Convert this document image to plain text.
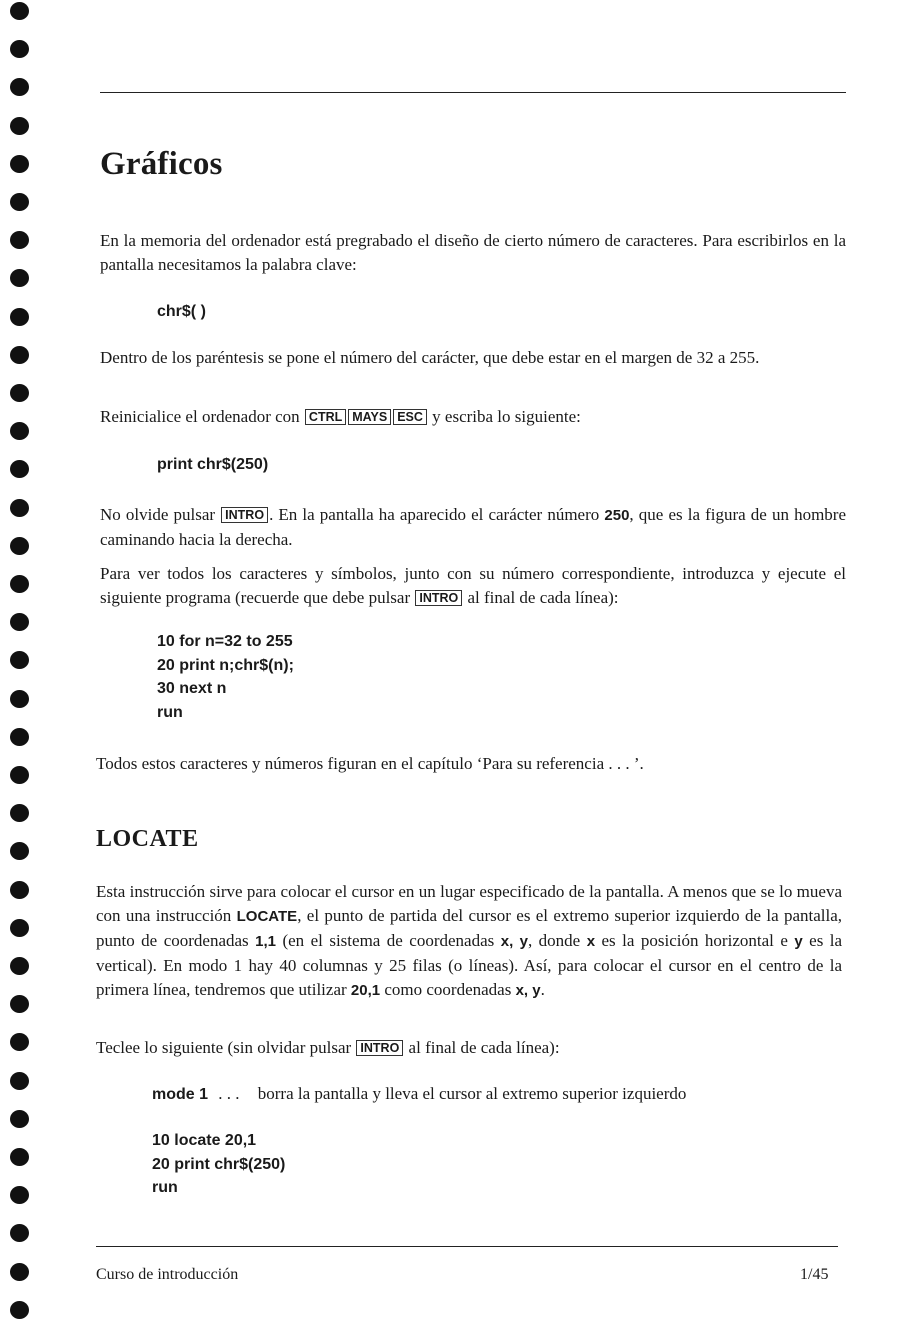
Gráficos

En la memoria del ordenador está pregrabado el diseño de cierto número de caracteres. Para escribirlos en la pantalla necesitamos la palabra clave:

chr$( )

Dentro de los paréntesis se pone el número del carácter, que debe estar en el margen de 32 a 255.

Reinicialice el ordenador con CTRL MAYS ESC y escriba lo siguiente:

print chr$(250)

No olvide pulsar INTRO . En la pantalla ha aparecido el carácter número 250, que es la figura de un hombre caminando hacia la derecha.

Para ver todos los caracteres y símbolos, junto con su número correspondiente, introduzca y ejecute el siguiente programa (recuerde que debe pulsar INTRO al final de cada línea):

10 for n=32 to 255
20 print n;chr$(n);
30 next n
run

Todos estos caracteres y números figuran en el capítulo ‘Para su referencia . . . ’.

LOCATE

Esta instrucción sirve para colocar el cursor en un lugar especificado de la pantalla. A menos que se lo mueva con una instrucción LOCATE, el punto de partida del cursor es el extremo superior izquierdo de la pantalla, punto de coordenadas 1,1 (en el sistema de coordenadas x, y, donde x es la posición horizontal e y es la vertical). En modo 1 hay 40 columnas y 25 filas (o líneas). Así, para colocar el cursor en el centro de la primera línea, tendremos que utilizar 20,1 como coordenadas x, y.

Teclee lo siguiente (sin olvidar pulsar INTRO al final de cada línea):

mode 1 . . . borra la pantalla y lleva el cursor al extremo superior izquierdo
10 locate 20,1
20 print chr$(250)
run
Curso de introducción	1/45
